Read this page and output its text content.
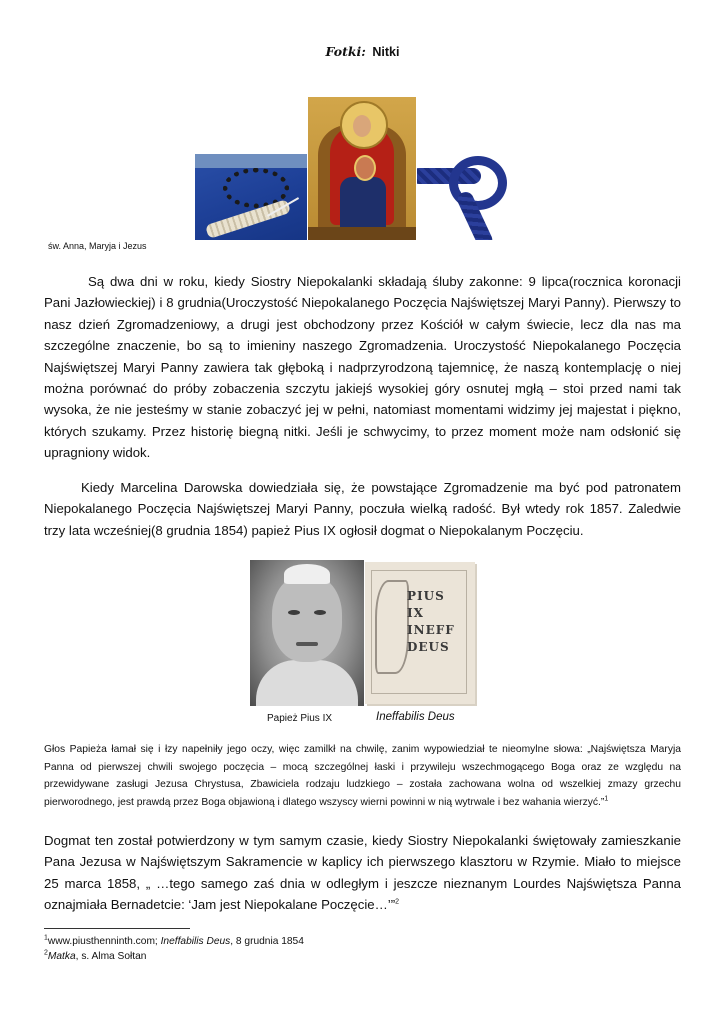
Fotki: Nitki
św. Anna, Maryja i Jezus

Są dwa dni w roku, kiedy Siostry Niepokalanki składają śluby zakonne: 9 lipca(rocznica koronacji Pani Jazłowieckiej) i 8 grudnia(Uroczystość Niepokalanego Poczęcia Najświętszej Maryi Panny). Pierwszy to nasz dzień Zgromadzeniowy, a drugi jest obchodzony przez Kościół w całym świecie, lecz dla nas ma szczególne znaczenie, bo są to imieniny naszego Zgromadzenia. Uroczystość Niepokalanego Poczęcia Najświętszej Maryi Panny zawiera tak głęboką i nadprzyrodzoną tajemnicę, że naszą kontemplację o niej można porównać do próby zobaczenia szczytu jakiejś wysokiej góry osnutej mgłą – stoi przed nami tak wysoka, że nie jesteśmy w stanie zobaczyć jej w pełni, natomiast momentami widzimy jej majestat i piękno, których szukamy. Przez historię biegną nitki. Jeśli je schwycimy, to przez moment może nam odsłonić się upragniony widok.

Kiedy Marcelina Darowska dowiedziała się, że powstające Zgromadzenie ma być pod patronatem Niepokalanego Poczęcia Najświętszej Maryi Panny, poczuła wielką radość. Był wtedy rok 1857. Zaledwie trzy lata wcześniej(8 grudnia 1854) papież Pius IX ogłosił dogmat o Niepokalanym Poczęciu.

PIUS
IX
INEFF
DEUS
Papież Pius IX	Ineffabilis Deus

Głos Papieża łamał się i łzy napełniły jego oczy, więc zamilkł na chwilę, zanim wypowiedział te nieomylne słowa: „Najświętsza Maryja Panna od pierwszej chwili swojego poczęcia – mocą szczególnej łaski i przywileju wszechmogącego Boga oraz ze względu na przewidywane zasługi Jezusa Chrystusa, Zbawiciela rodzaju ludzkiego – została zachowana wolna od wszelkiej zmazy grzechu pierworodnego, jest prawdą przez Boga objawioną i dlatego wszyscy wierni powinni w nią wytrwale i bez wahania wierzyć.”$^1$

Dogmat ten został potwierdzony w tym samym czasie, kiedy Siostry Niepokalanki świętowały zamieszkanie Pana Jezusa w Najświętszym Sakramencie w kaplicy ich pierwszego klasztoru w Rzymie. Miało to miejsce 25 marca 1858, „ …tego samego zaś dnia w odległym i jeszcze nieznanym Lourdes Najświętsza Panna oznajmiała Bernadetcie: ‘Jam jest Niepokalane Poczęcie…’”$^2$

$^1$www.piusthenninth.com; Ineffabilis Deus, 8 grudnia 1854
$^2$Matka, s. Alma Sołtan
